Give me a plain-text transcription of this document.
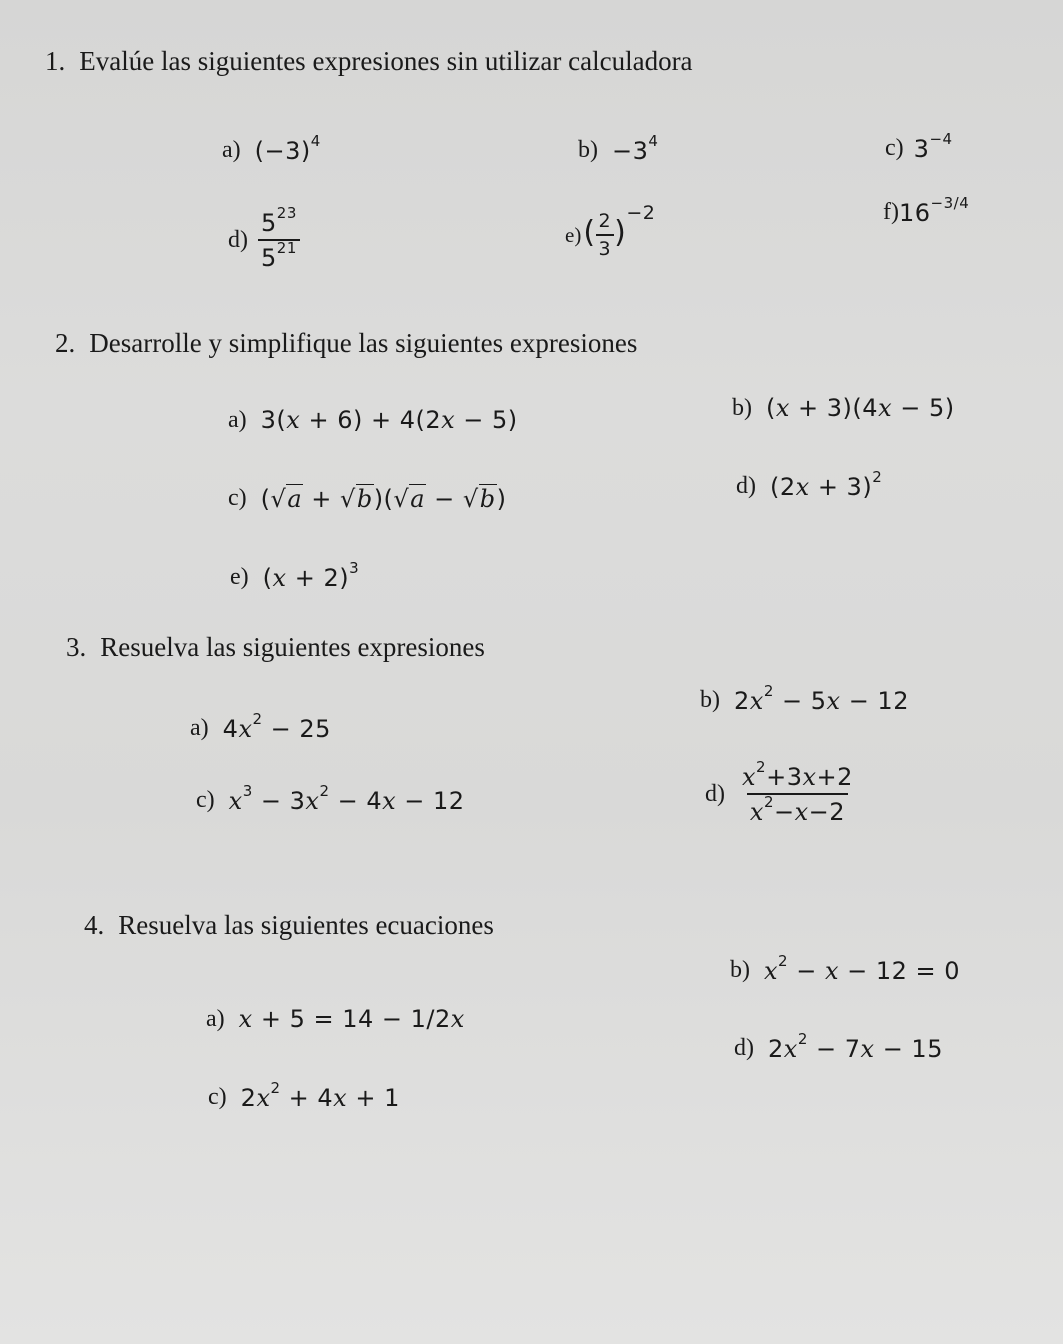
1. Evalúe las siguientes expresiones sin utilizar calculadora
a) $(-3)^4$	$b) -3^4$	c) $3^{-4}$
$d) \frac{5^{23}}{5^{21}}$	e) ( $\frac{2}{3} )^{-2}$	f) $16^{-3/4}$
2. Desarrolle y simplifique las siguientes expresiones
a) 3(x + 6) + 4(2x − 5)	b) (x + 3)(4x − 5)
c) ( √ a + √ b )( √ a − √ b )	d) $(2x + 3)^2$
e) $(x + 2)^3$
3. Resuelva las siguientes expresiones
a) $4x^2 - 25$
b) $2x^2 - 5x - 12$
c) $x^3 - 3x^2 - 4x - 12$	$d) \frac{x^2+3x+2}{x^2-x-2}$
4. Resuelva las siguientes ecuaciones
a) x + 5 = 14 − 1/2x
b) $x^2 - x - 12 = 0$
c) $2x^2 + 4x + 1$
d) $2x^2 - 7x - 15$
